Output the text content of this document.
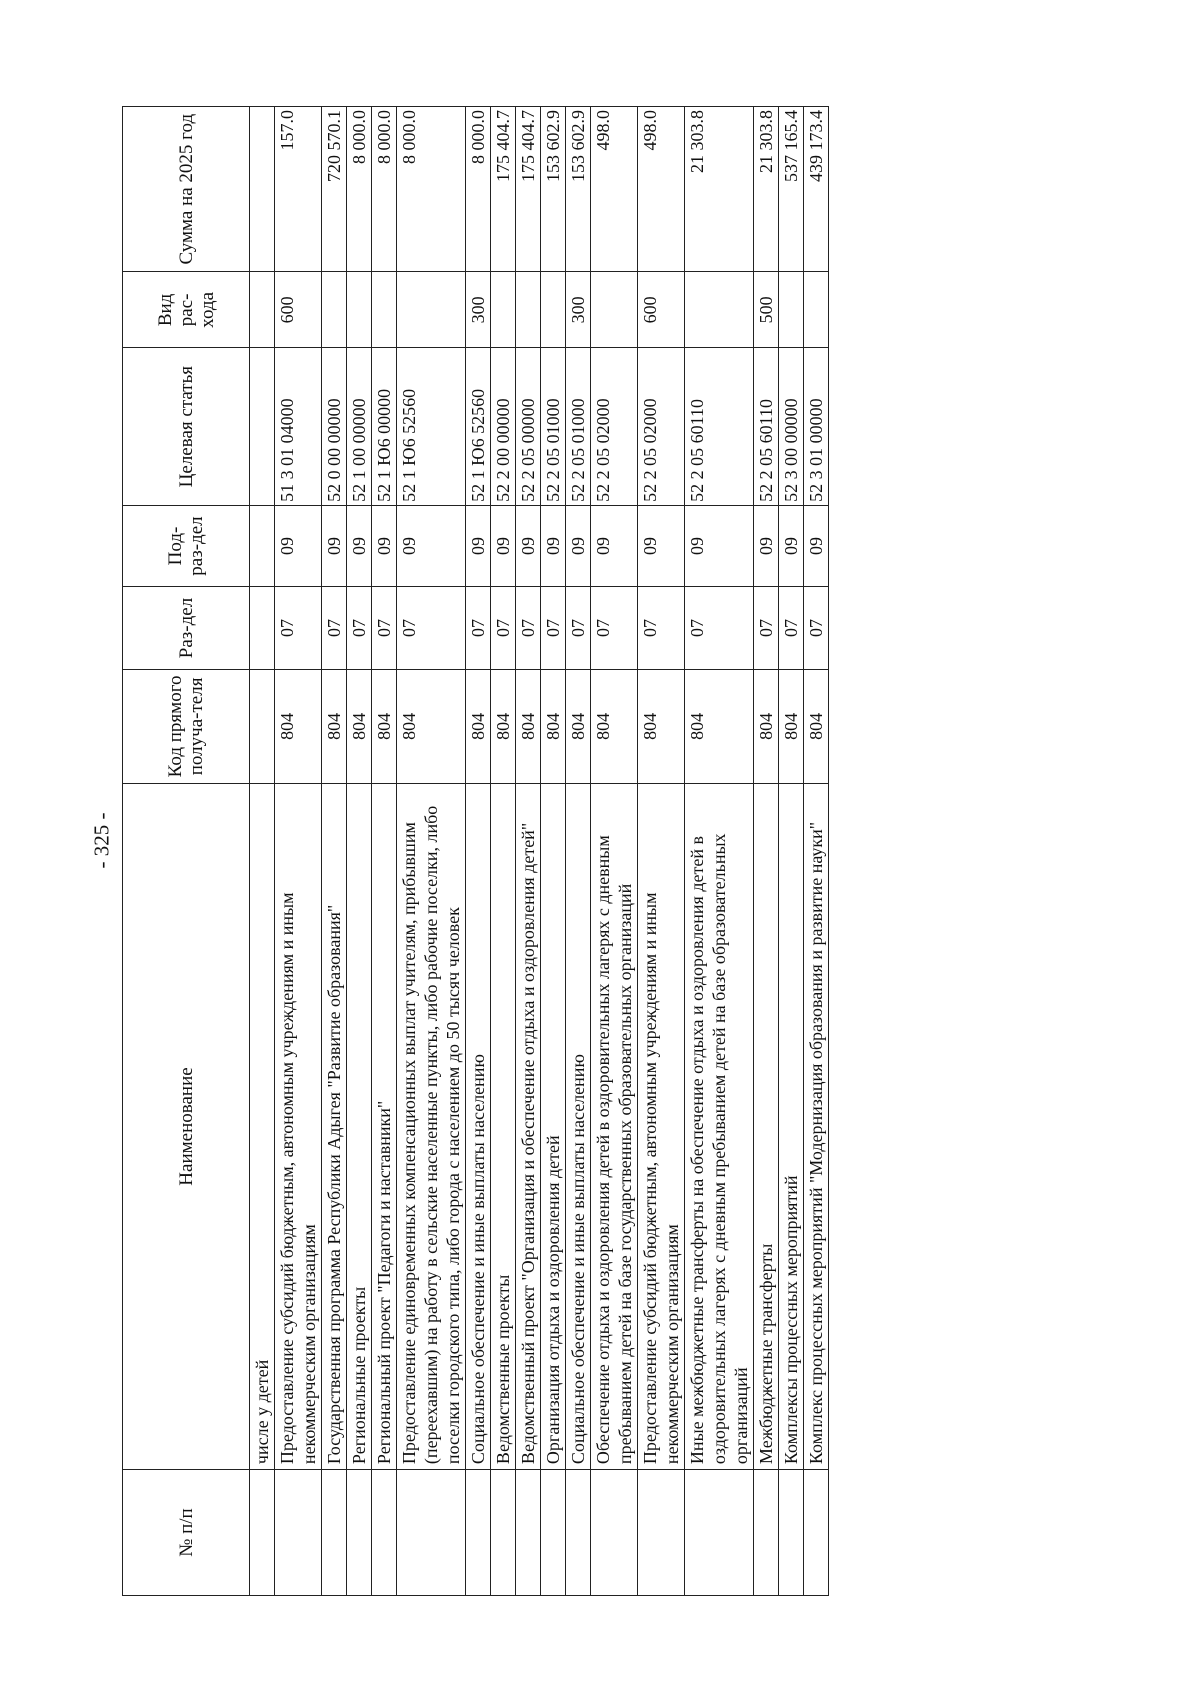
- 325 -
№ п/п	Наименование	Код прямого получа-теля	Раз-дел	Под-раз-дел	Целевая статья	Вид рас-хода	Сумма на 2025 год
	числе у детей						
	Предоставление субсидий бюджетным, автономным учреждениям и иным некоммерческим организациям	804	07	09	51 3 01 04000	600	157.0
	Государственная программа Республики Адыгея "Развитие образования"	804	07	09	52 0 00 00000		720 570.1
	Региональные проекты	804	07	09	52 1 00 00000		8 000.0
	Региональный проект "Педагоги и наставники"	804	07	09	52 1 Ю6 00000		8 000.0
	Предоставление единовременных компенсационных выплат учителям, прибывшим (переехавшим) на работу в сельские населенные пункты, либо рабочие поселки, либо поселки городского типа, либо города с населением до 50 тысяч человек	804	07	09	52 1 Ю6 52560		8 000.0
	Социальное обеспечение и иные выплаты населению	804	07	09	52 1 Ю6 52560	300	8 000.0
	Ведомственные проекты	804	07	09	52 2 00 00000		175 404.7
	Ведомственный проект "Организация и обеспечение отдыха и оздоровления детей"	804	07	09	52 2 05 00000		175 404.7
	Организация отдыха и оздоровления детей	804	07	09	52 2 05 01000		153 602.9
	Социальное обеспечение и иные выплаты населению	804	07	09	52 2 05 01000	300	153 602.9
	Обеспечение отдыха и оздоровления детей в оздоровительных лагерях с дневным пребыванием детей на базе государственных образовательных организаций	804	07	09	52 2 05 02000		498.0
	Предоставление субсидий бюджетным, автономным учреждениям и иным некоммерческим организациям	804	07	09	52 2 05 02000	600	498.0
	Иные межбюджетные трансферты на обеспечение отдыха и оздоровления детей в оздоровительных лагерях с дневным пребыванием детей на базе образовательных организаций	804	07	09	52 2 05 60110		21 303.8
	Межбюджетные трансферты	804	07	09	52 2 05 60110	500	21 303.8
	Комплексы процессных мероприятий	804	07	09	52 3 00 00000		537 165.4
	Комплекс процессных мероприятий "Модернизация образования и развитие науки"	804	07	09	52 3 01 00000		439 173.4
